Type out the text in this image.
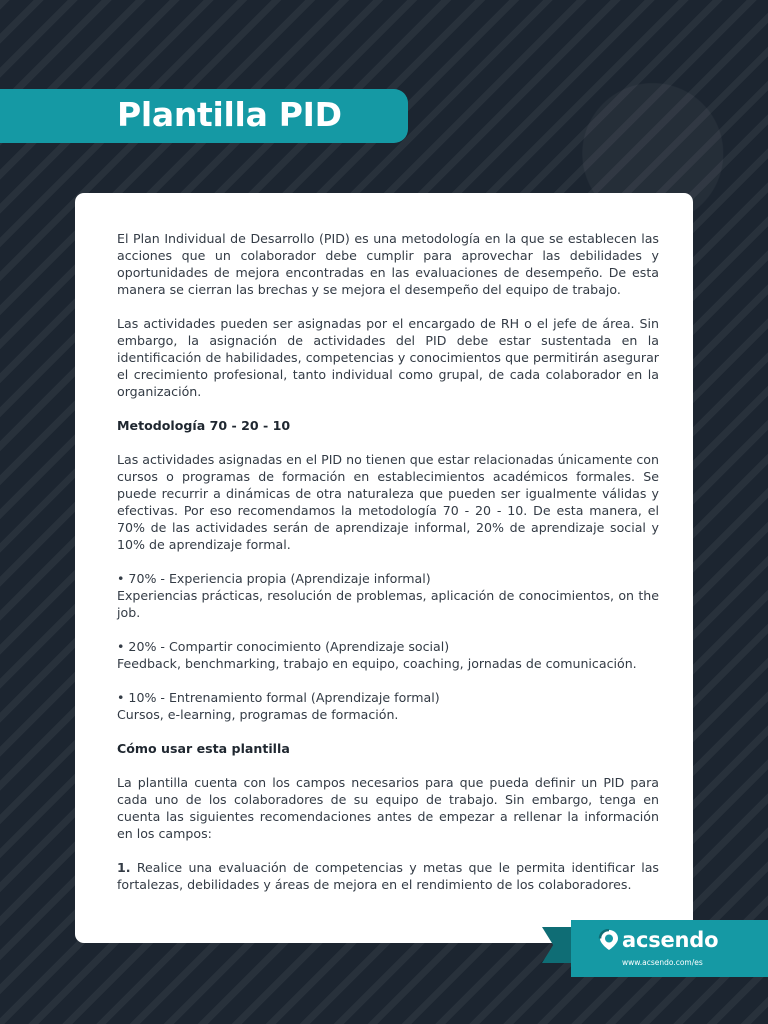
Plantilla PID

El Plan Individual de Desarrollo (PID) es una metodología en la que se establecen las acciones que un colaborador debe cumplir para aprovechar las debilidades y oportunidades de mejora encontradas en las evaluaciones de desempeño. De esta manera se cierran las brechas y se mejora el desempeño del equipo de trabajo.

Las actividades pueden ser asignadas por el encargado de RH o el jefe de área. Sin embargo, la asignación de actividades del PID debe estar sustentada en la identificación de habilidades, competencias y conocimientos que permitirán asegurar el crecimiento profesional, tanto individual como grupal, de cada colaborador en la organización.

Metodología 70 - 20 - 10

Las actividades asignadas en el PID no tienen que estar relacionadas únicamente con cursos o programas de formación en establecimientos académicos formales. Se puede recurrir a dinámicas de otra naturaleza que pueden ser igualmente válidas y efectivas. Por eso recomendamos la metodología 70 - 20 - 10. De esta manera, el 70% de las actividades serán de aprendizaje informal, 20% de aprendizaje social y 10% de aprendizaje formal.

• 70% - Experiencia propia (Aprendizaje informal)
Experiencias prácticas, resolución de problemas, aplicación de conocimientos, on the job.

• 20% - Compartir conocimiento (Aprendizaje social)
Feedback, benchmarking, trabajo en equipo, coaching, jornadas de comunicación.

• 10% - Entrenamiento formal (Aprendizaje formal)
Cursos, e-learning, programas de formación.

Cómo usar esta plantilla

La plantilla cuenta con los campos necesarios para que pueda definir un PID para cada uno de los colaboradores de su equipo de trabajo. Sin embargo, tenga en cuenta las siguientes recomendaciones antes de empezar a rellenar la información en los campos:

1. Realice una evaluación de competencias y metas que le permita identificar las fortalezas, debilidades y áreas de mejora en el rendimiento de los colaboradores.

acsendo
www.acsendo.com/es
